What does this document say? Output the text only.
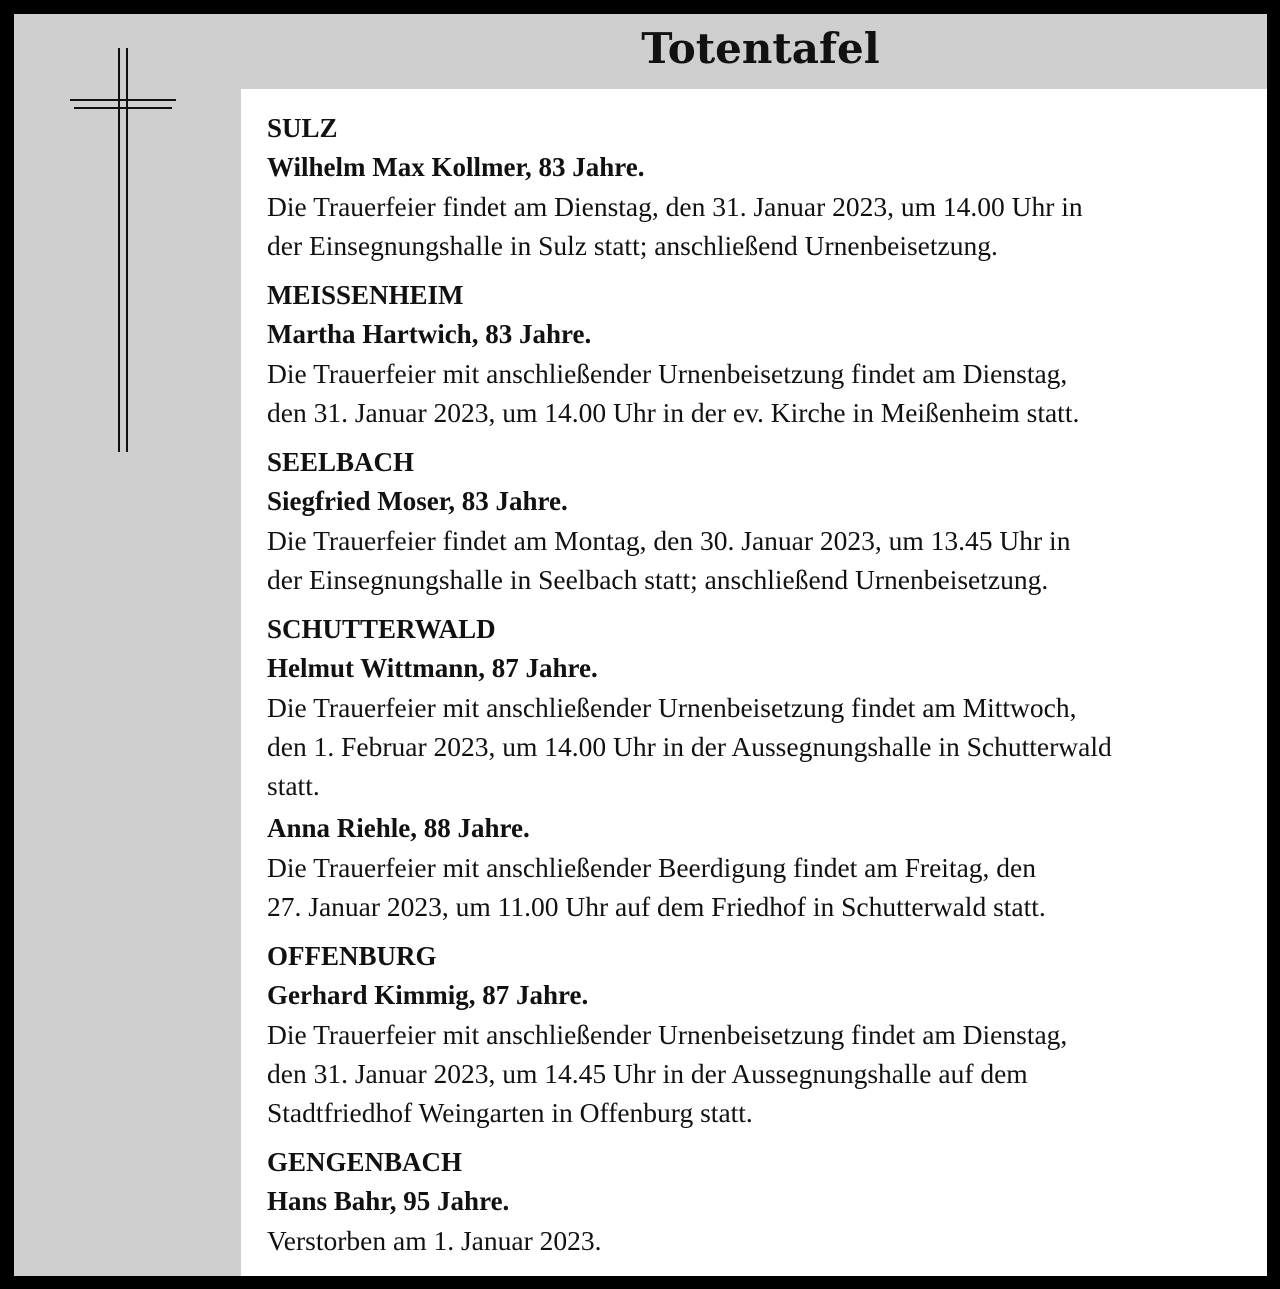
Totentafel
SULZ
Wilhelm Max Kollmer, 83 Jahre.
Die Trauerfeier findet am Dienstag, den 31. Januar 2023, um 14.00 Uhr in
der Einsegnungshalle in Sulz statt; anschließend Urnenbeisetzung.
MEISSENHEIM
Martha Hartwich, 83 Jahre.
Die Trauerfeier mit anschließender Urnenbeisetzung findet am Dienstag,
den 31. Januar 2023, um 14.00 Uhr in der ev. Kirche in Meißenheim statt.
SEELBACH
Siegfried Moser, 83 Jahre.
Die Trauerfeier findet am Montag, den 30. Januar 2023, um 13.45 Uhr in
der Einsegnungshalle in Seelbach statt; anschließend Urnenbeisetzung.
SCHUTTERWALD
Helmut Wittmann, 87 Jahre.
Die Trauerfeier mit anschließender Urnenbeisetzung findet am Mittwoch,
den 1. Februar 2023, um 14.00 Uhr in der Aussegnungshalle in Schutterwald
statt.
Anna Riehle, 88 Jahre.
Die Trauerfeier mit anschließender Beerdigung findet am Freitag, den
27. Januar 2023, um 11.00 Uhr auf dem Friedhof in Schutterwald statt.
OFFENBURG
Gerhard Kimmig, 87 Jahre.
Die Trauerfeier mit anschließender Urnenbeisetzung findet am Dienstag,
den 31. Januar 2023, um 14.45 Uhr in der Aussegnungshalle auf dem
Stadtfriedhof Weingarten in Offenburg statt.
GENGENBACH
Hans Bahr, 95 Jahre.
Verstorben am 1. Januar 2023.
